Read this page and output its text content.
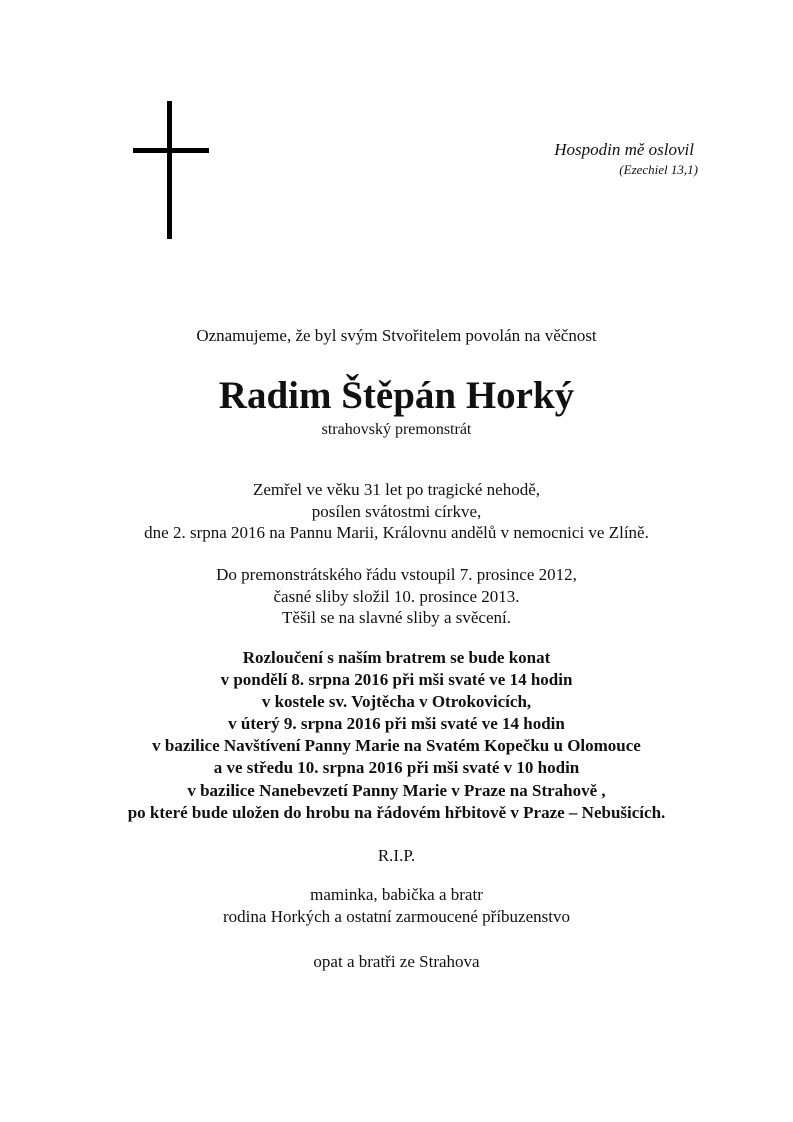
Hospodin mě oslovil
(Ezechiel 13,1)
Oznamujeme, že byl svým Stvořitelem povolán na věčnost
Radim Štěpán Horký
strahovský premonstrát
Zemřel ve věku 31 let po tragické nehodě,
posílen svátostmi církve,
dne 2. srpna 2016 na Pannu Marii, Královnu andělů v nemocnici ve Zlíně.
Do premonstrátského řádu vstoupil 7. prosince 2012,
časné sliby složil 10. prosince 2013.
Těšil se na slavné sliby a svěcení.
Rozloučení s naším bratrem se bude konat
v pondělí 8. srpna 2016 při mši svaté ve 14 hodin
v kostele sv. Vojtěcha v Otrokovicích,
v úterý 9. srpna 2016 při mši svaté ve 14 hodin
v bazilice Navštívení Panny Marie na Svatém Kopečku u Olomouce
a ve středu 10. srpna 2016 při mši svaté v 10 hodin
v bazilice Nanebevzetí Panny Marie v Praze na Strahově ,
po které bude uložen do hrobu na řádovém hřbitově v Praze – Nebušicích.
R.I.P.
maminka, babička a bratr
rodina Horkých a ostatní zarmoucené příbuzenstvo
opat a bratři ze Strahova
